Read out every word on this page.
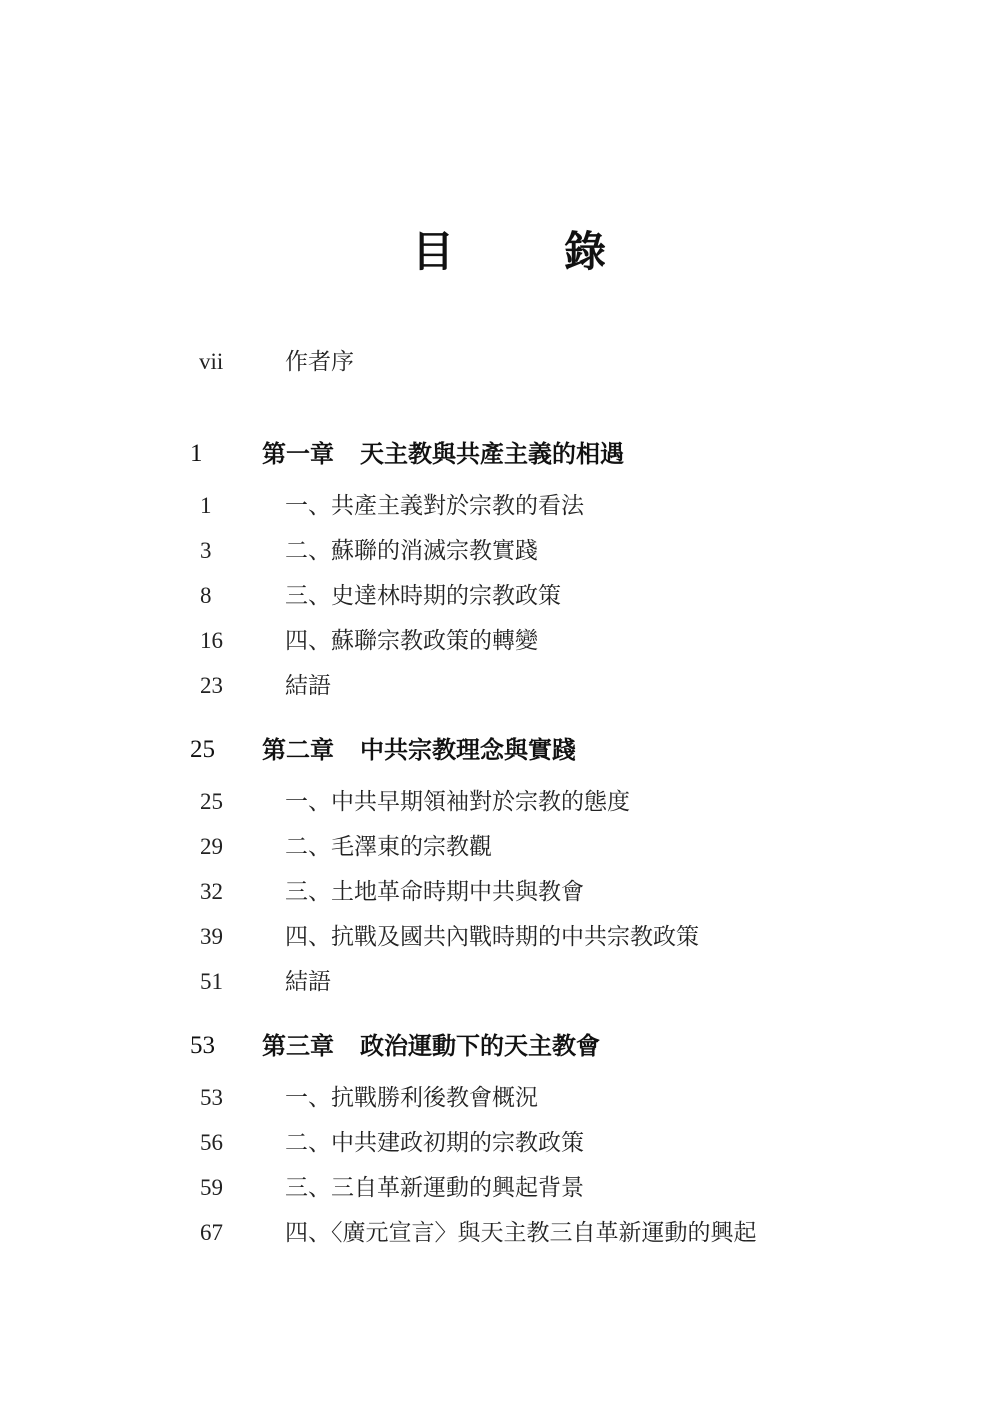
目	錄
vii	作者序
1 第一章 天主教與共產主義的相遇
1	一、共產主義對於宗教的看法
3	二、蘇聯的消滅宗教實踐
8	三、史達林時期的宗教政策
16	四、蘇聯宗教政策的轉變
23	結語
25 第二章 中共宗教理念與實踐
25	一、中共早期領袖對於宗教的態度
29	二、毛澤東的宗教觀
32	三、土地革命時期中共與教會
39	四、抗戰及國共內戰時期的中共宗教政策
51	結語
53 第三章 政治運動下的天主教會
53	一、抗戰勝利後教會概況
56	二、中共建政初期的宗教政策
59	三、三自革新運動的興起背景
67	四、〈廣元宣言〉與天主教三自革新運動的興起
